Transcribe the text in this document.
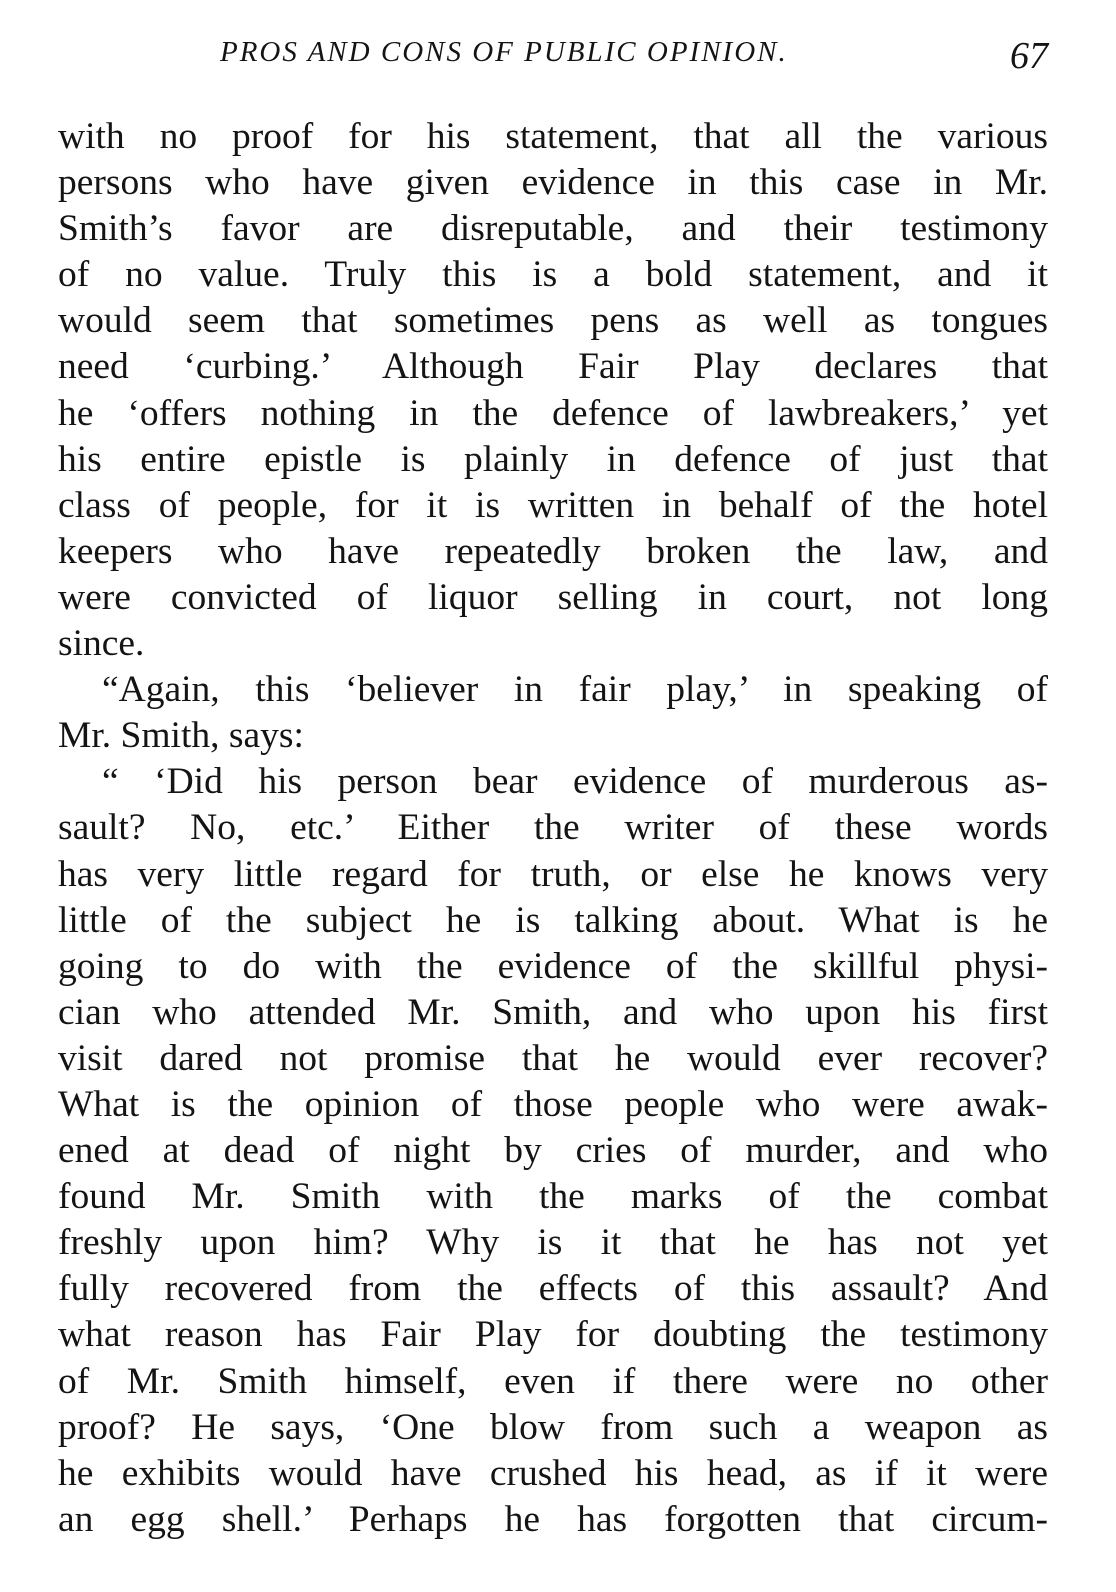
PROS AND CONS OF PUBLIC OPINION.	67
with no proof for his statement, that all the various
persons who have given evidence in this case in Mr.
Smith’s favor are disreputable, and their testimony
of no value. Truly this is a bold statement, and it
would seem that sometimes pens as well as tongues
need ‘curbing.’ Although Fair Play declares that
he ‘offers nothing in the defence of lawbreakers,’ yet
his entire epistle is plainly in defence of just that
class of people, for it is written in behalf of the hotel
keepers who have repeatedly broken the law, and
were convicted of liquor selling in court, not long
since.
“Again, this ‘believer in fair play,’ in speaking of
Mr. Smith, says:
“ ‘Did his person bear evidence of murderous as-
sault? No, etc.’ Either the writer of these words
has very little regard for truth, or else he knows very
little of the subject he is talking about. What is he
going to do with the evidence of the skillful physi-
cian who attended Mr. Smith, and who upon his first
visit dared not promise that he would ever recover?
What is the opinion of those people who were awak-
ened at dead of night by cries of murder, and who
found Mr. Smith with the marks of the combat
freshly upon him? Why is it that he has not yet
fully recovered from the effects of this assault? And
what reason has Fair Play for doubting the testimony
of Mr. Smith himself, even if there were no other
proof? He says, ‘One blow from such a weapon as
he exhibits would have crushed his head, as if it were
an egg shell.’ Perhaps he has forgotten that circum-
